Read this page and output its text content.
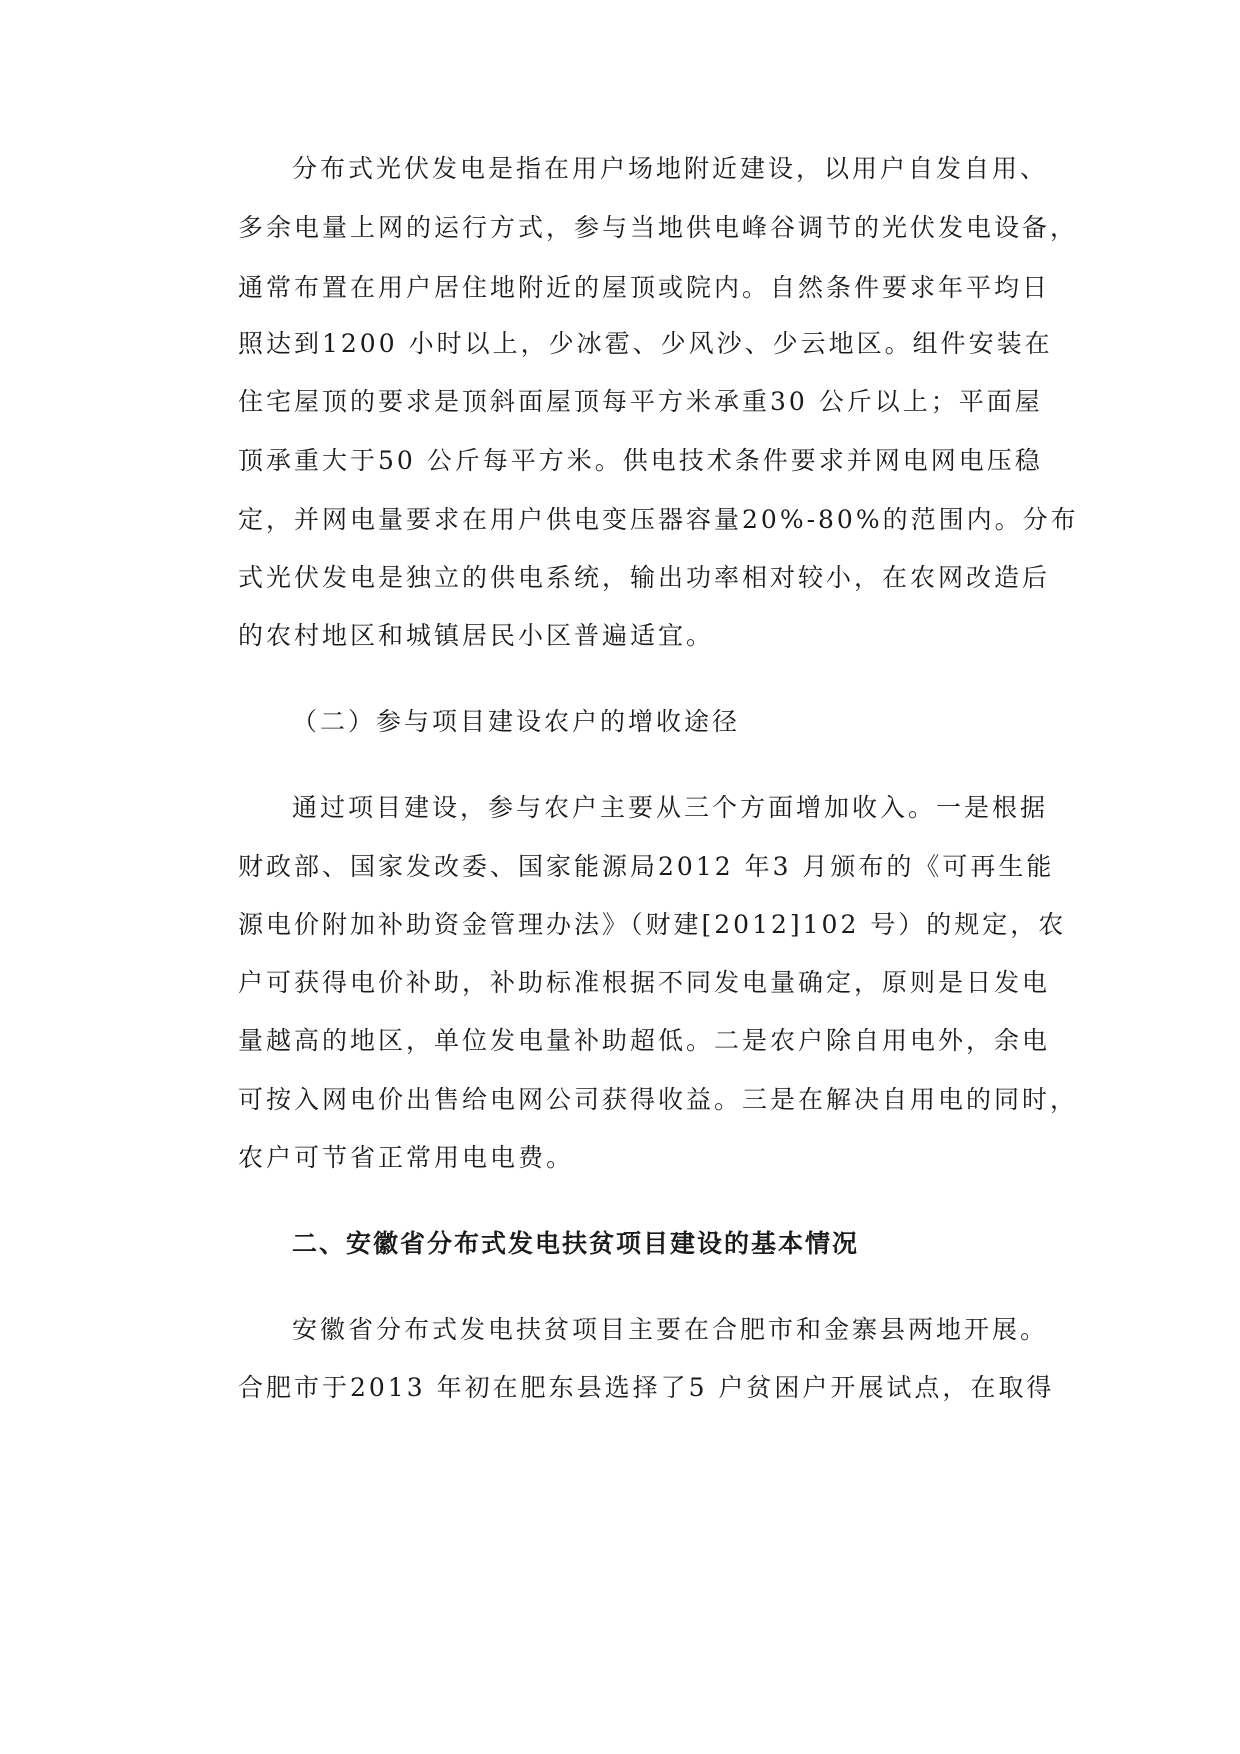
分布式光伏发电是指在用户场地附近建设，以用户自发自用、
多余电量上网的运行方式，参与当地供电峰谷调节的光伏发电设备，
通常布置在用户居住地附近的屋顶或院内。自然条件要求年平均日
照达到1200 小时以上，少冰雹、少风沙、少云地区。组件安装在
住宅屋顶的要求是顶斜面屋顶每平方米承重30 公斤以上；平面屋
顶承重大于50 公斤每平方米。供电技术条件要求并网电网电压稳
定，并网电量要求在用户供电变压器容量20%-80%的范围内。分布
式光伏发电是独立的供电系统，输出功率相对较小，在农网改造后
的农村地区和城镇居民小区普遍适宜。
（二）参与项目建设农户的增收途径
通过项目建设，参与农户主要从三个方面增加收入。一是根据
财政部、国家发改委、国家能源局2012 年3 月颁布的《可再生能
源电价附加补助资金管理办法》（财建[2012]102 号）的规定，农
户可获得电价补助，补助标准根据不同发电量确定，原则是日发电
量越高的地区，单位发电量补助超低。二是农户除自用电外，余电
可按入网电价出售给电网公司获得收益。三是在解决自用电的同时，
农户可节省正常用电电费。
二、安徽省分布式发电扶贫项目建设的基本情况
安徽省分布式发电扶贫项目主要在合肥市和金寨县两地开展。
合肥市于2013 年初在肥东县选择了5 户贫困户开展试点，在取得
